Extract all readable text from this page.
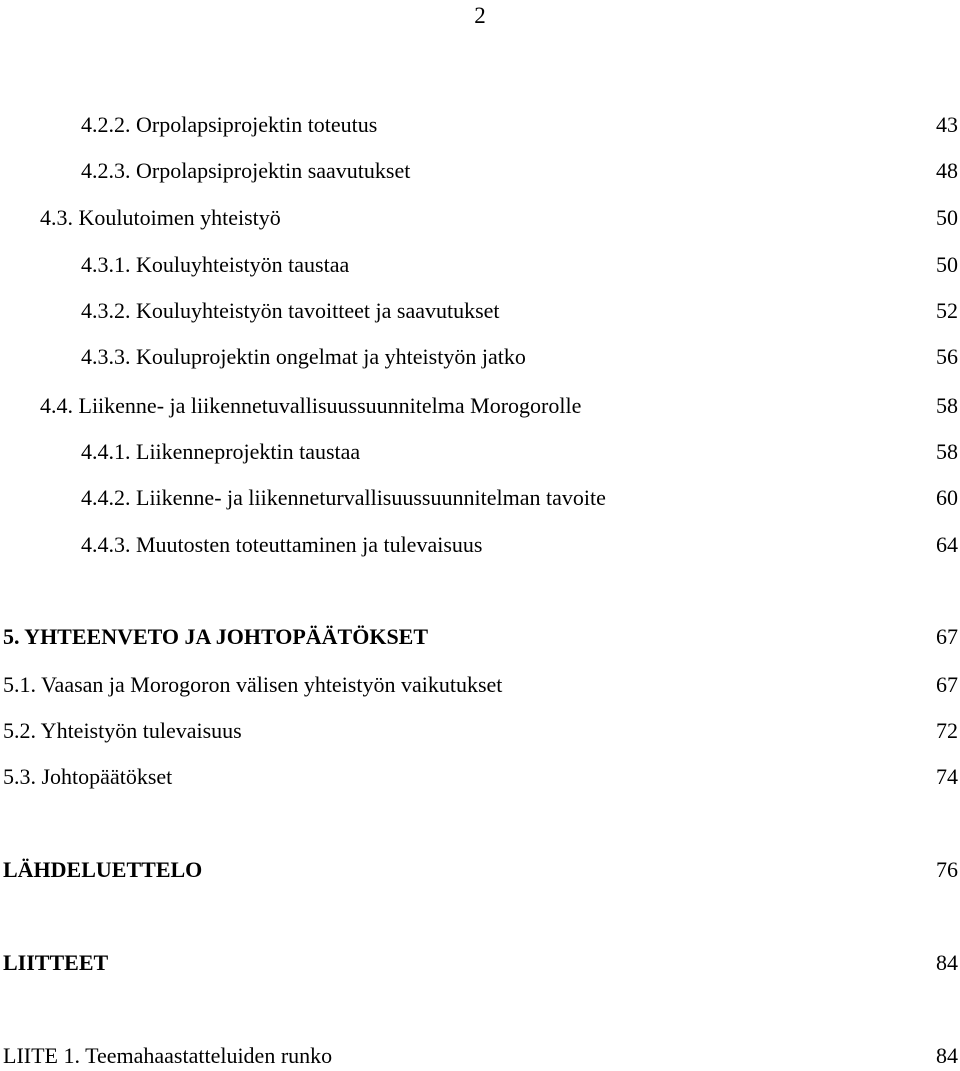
2
4.2.2. Orpolapsiprojektin toteutus	43
4.2.3. Orpolapsiprojektin saavutukset	48
4.3. Koulutoimen yhteistyö	50
4.3.1. Kouluyhteistyön taustaa	50
4.3.2. Kouluyhteistyön tavoitteet ja saavutukset	52
4.3.3. Kouluprojektin ongelmat ja yhteistyön jatko	56
4.4. Liikenne- ja liikennetuvallisuussuunnitelma Morogorolle	58
4.4.1. Liikenneprojektin taustaa	58
4.4.2. Liikenne- ja liikenneturvallisuussuunnitelman tavoite	60
4.4.3. Muutosten toteuttaminen ja tulevaisuus	64
5. YHTEENVETO JA JOHTOPÄÄTÖKSET	67
5.1. Vaasan ja Morogoron välisen yhteistyön vaikutukset	67
5.2. Yhteistyön tulevaisuus	72
5.3. Johtopäätökset	74
LÄHDELUETTELO	76
LIITTEET	84
LIITE 1. Teemahaastatteluiden runko	84
